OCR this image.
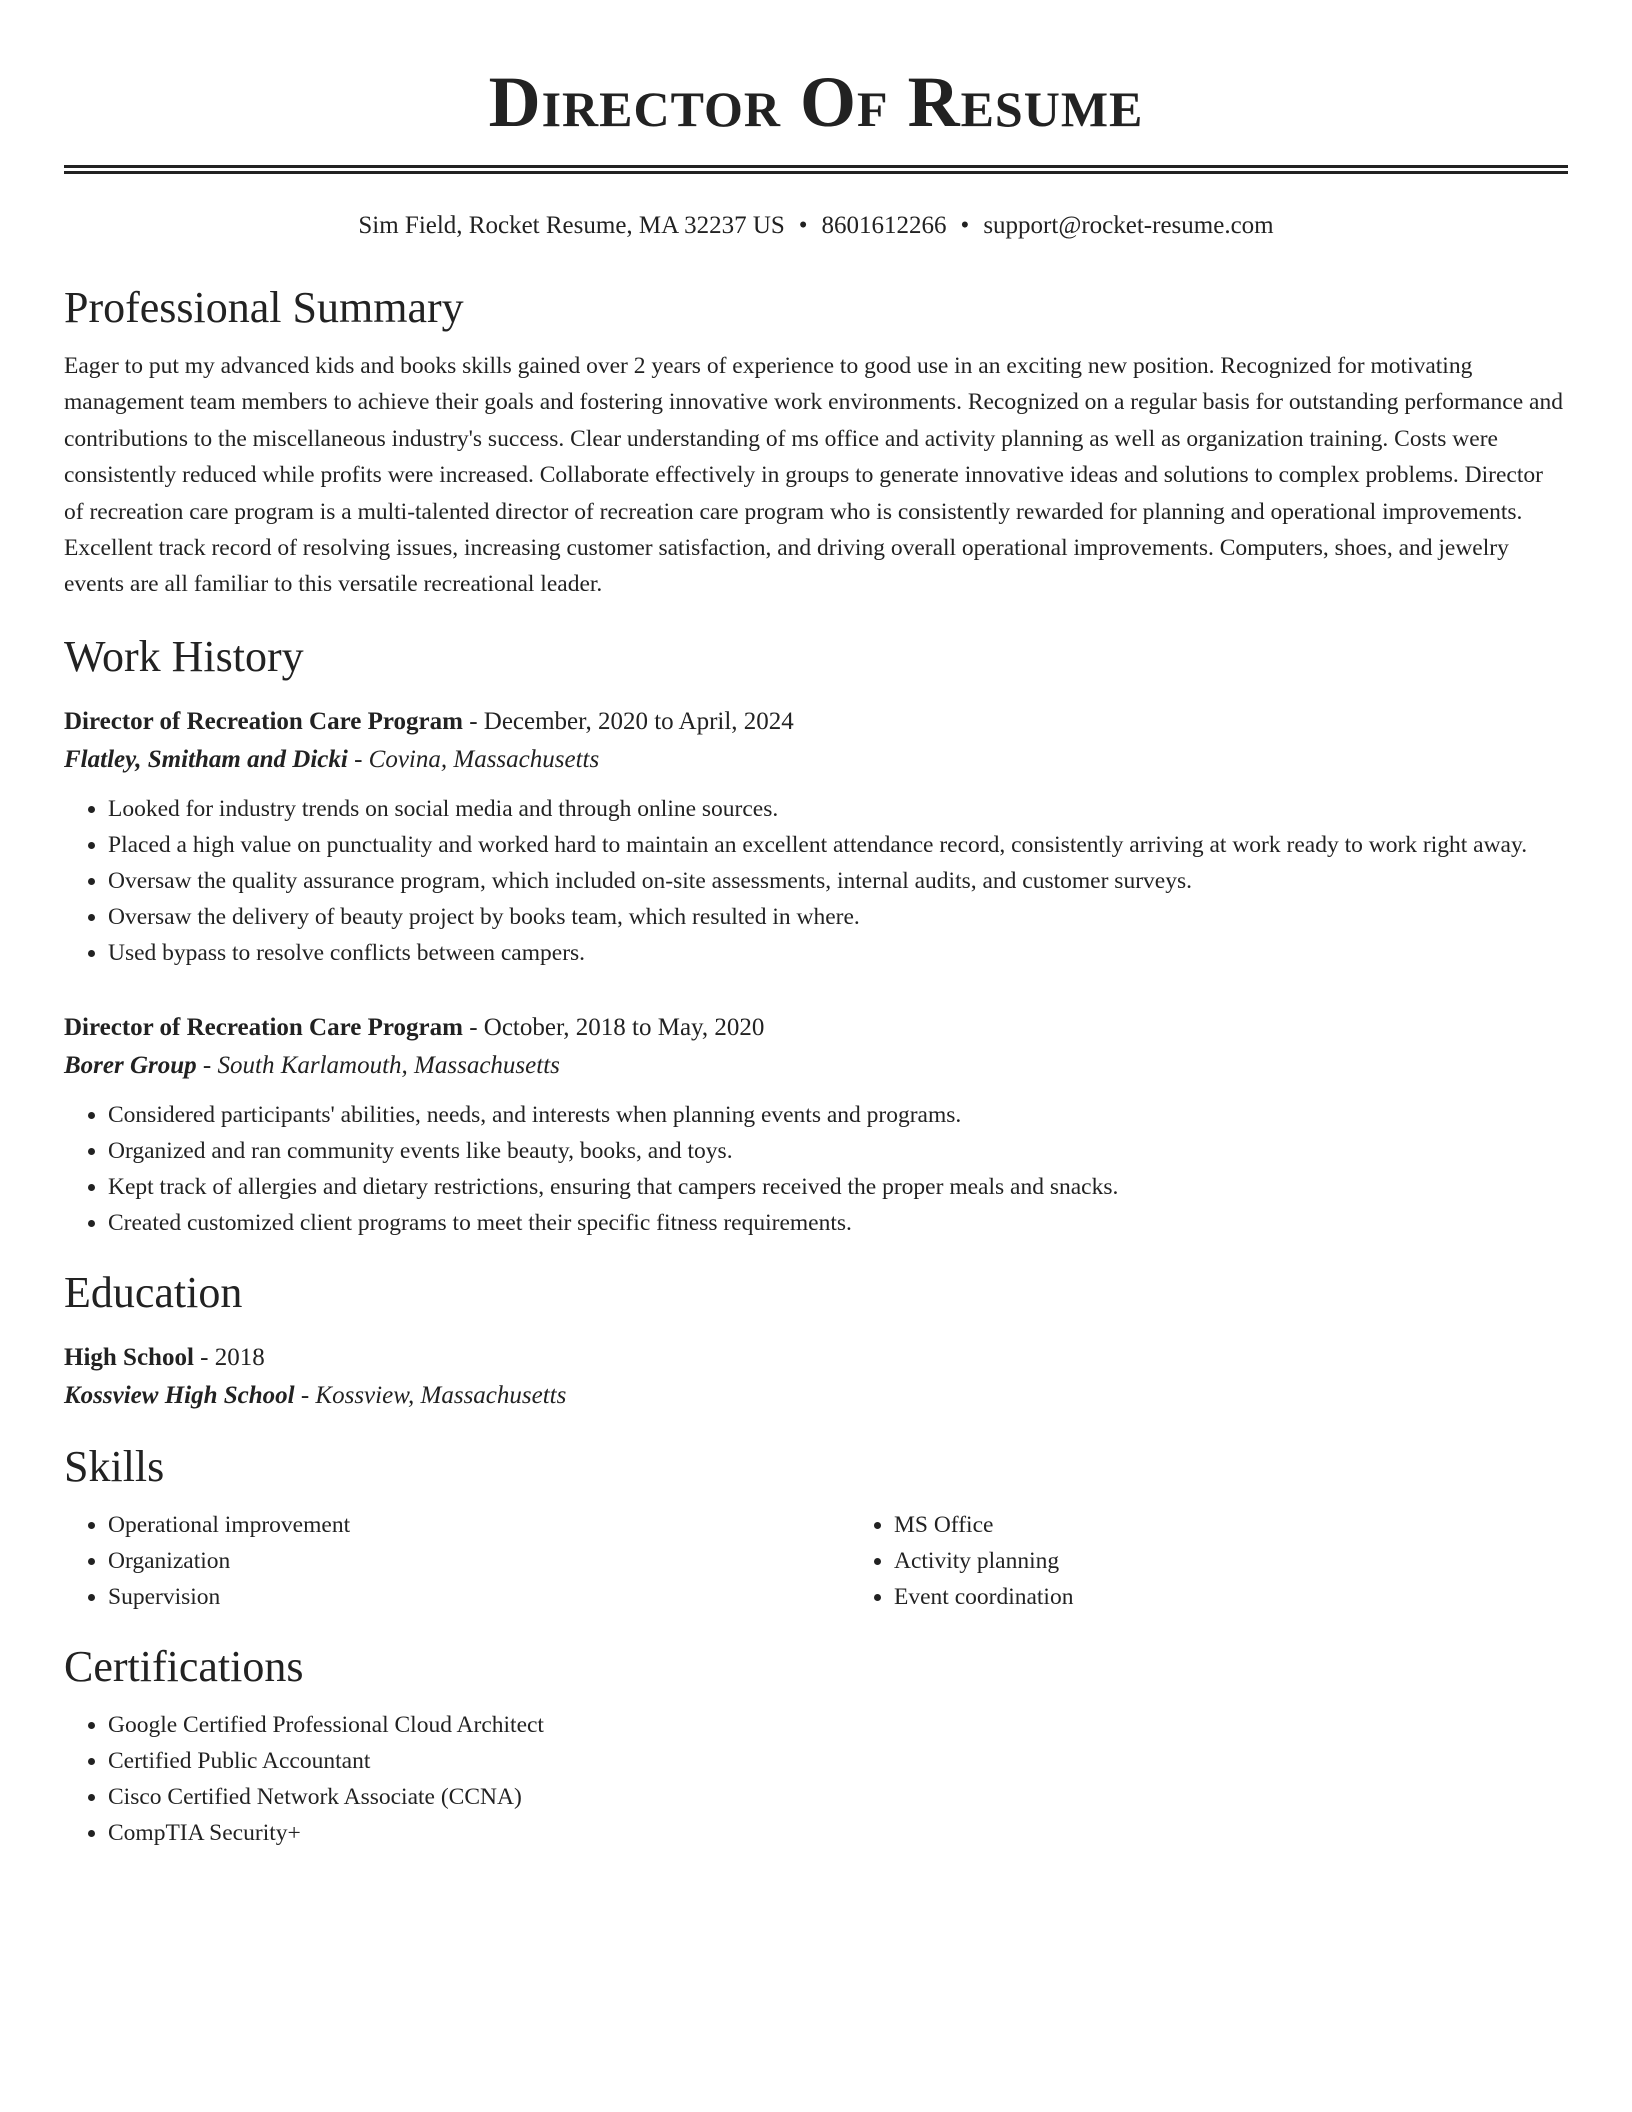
Director Of Resume
Sim Field, Rocket Resume, MA 32237 US • 8601612266 • support@rocket-resume.com
Professional Summary

Eager to put my advanced kids and books skills gained over 2 years of experience to good use in an exciting new position. Recognized for motivating management team members to achieve their goals and fostering innovative work environments. Recognized on a regular basis for outstanding performance and contributions to the miscellaneous industry's success. Clear understanding of ms office and activity planning as well as organization training. Costs were consistently reduced while profits were increased. Collaborate effectively in groups to generate innovative ideas and solutions to complex problems. Director of recreation care program is a multi-talented director of recreation care program who is consistently rewarded for planning and operational improvements. Excellent track record of resolving issues, increasing customer satisfaction, and driving overall operational improvements. Computers, shoes, and jewelry events are all familiar to this versatile recreational leader.

Work History
Director of Recreation Care Program - December, 2020 to April, 2024
Flatley, Smitham and Dicki - Covina, Massachusetts
• Looked for industry trends on social media and through online sources.
• Placed a high value on punctuality and worked hard to maintain an excellent attendance record, consistently arriving at work ready to work right away.
• Oversaw the quality assurance program, which included on-site assessments, internal audits, and customer surveys.
• Oversaw the delivery of beauty project by books team, which resulted in where.
• Used bypass to resolve conflicts between campers.
Director of Recreation Care Program - October, 2018 to May, 2020
Borer Group - South Karlamouth, Massachusetts
• Considered participants' abilities, needs, and interests when planning events and programs.
• Organized and ran community events like beauty, books, and toys.
• Kept track of allergies and dietary restrictions, ensuring that campers received the proper meals and snacks.
• Created customized client programs to meet their specific fitness requirements.
Education
High School - 2018
Kossview High School - Kossview, Massachusetts
Skills
• Operational improvement
• Organization
• Supervision
• MS Office
• Activity planning
• Event coordination
Certifications
• Google Certified Professional Cloud Architect
• Certified Public Accountant
• Cisco Certified Network Associate (CCNA)
• CompTIA Security+
